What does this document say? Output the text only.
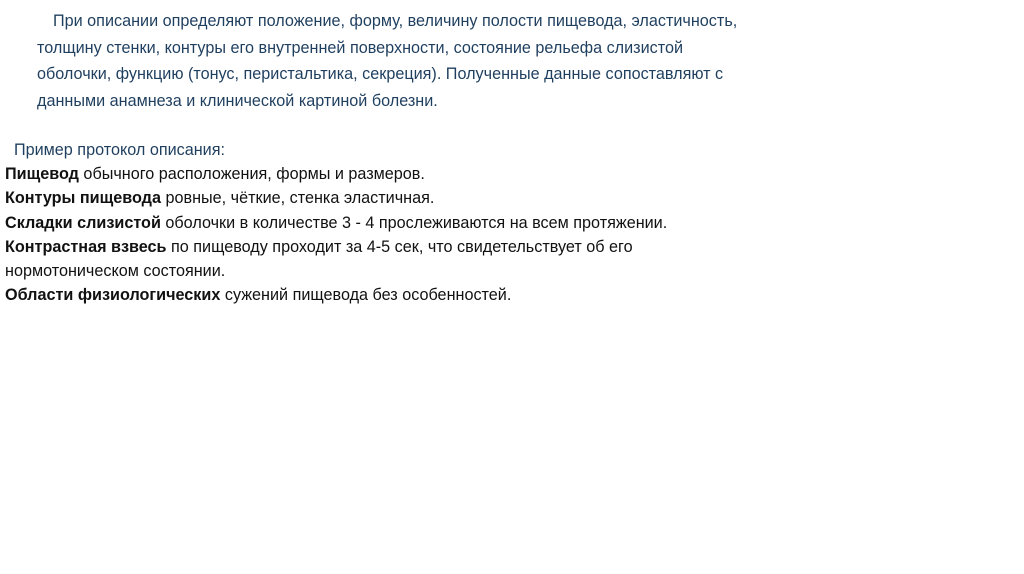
При описании определяют положение, форму, величину полости пищевода, эластичность,
толщину стенки, контуры его внутренней поверхности, состояние рельефа слизистой
оболочки, функцию (тонус, перистальтика, секреция). Полученные данные сопоставляют с
данными анамнеза и клинической картиной болезни.
Пример протокол описания:
Пищевод обычного расположения, формы и размеров.
Контуры пищевода ровные, чёткие, стенка эластичная.
Складки слизистой оболочки в количестве 3 - 4 прослеживаются на всем протяжении.
Контрастная взвесь по пищеводу проходит за 4-5 сек, что свидетельствует об его
нормотоническом состоянии.
Области физиологических сужений пищевода без особенностей.
